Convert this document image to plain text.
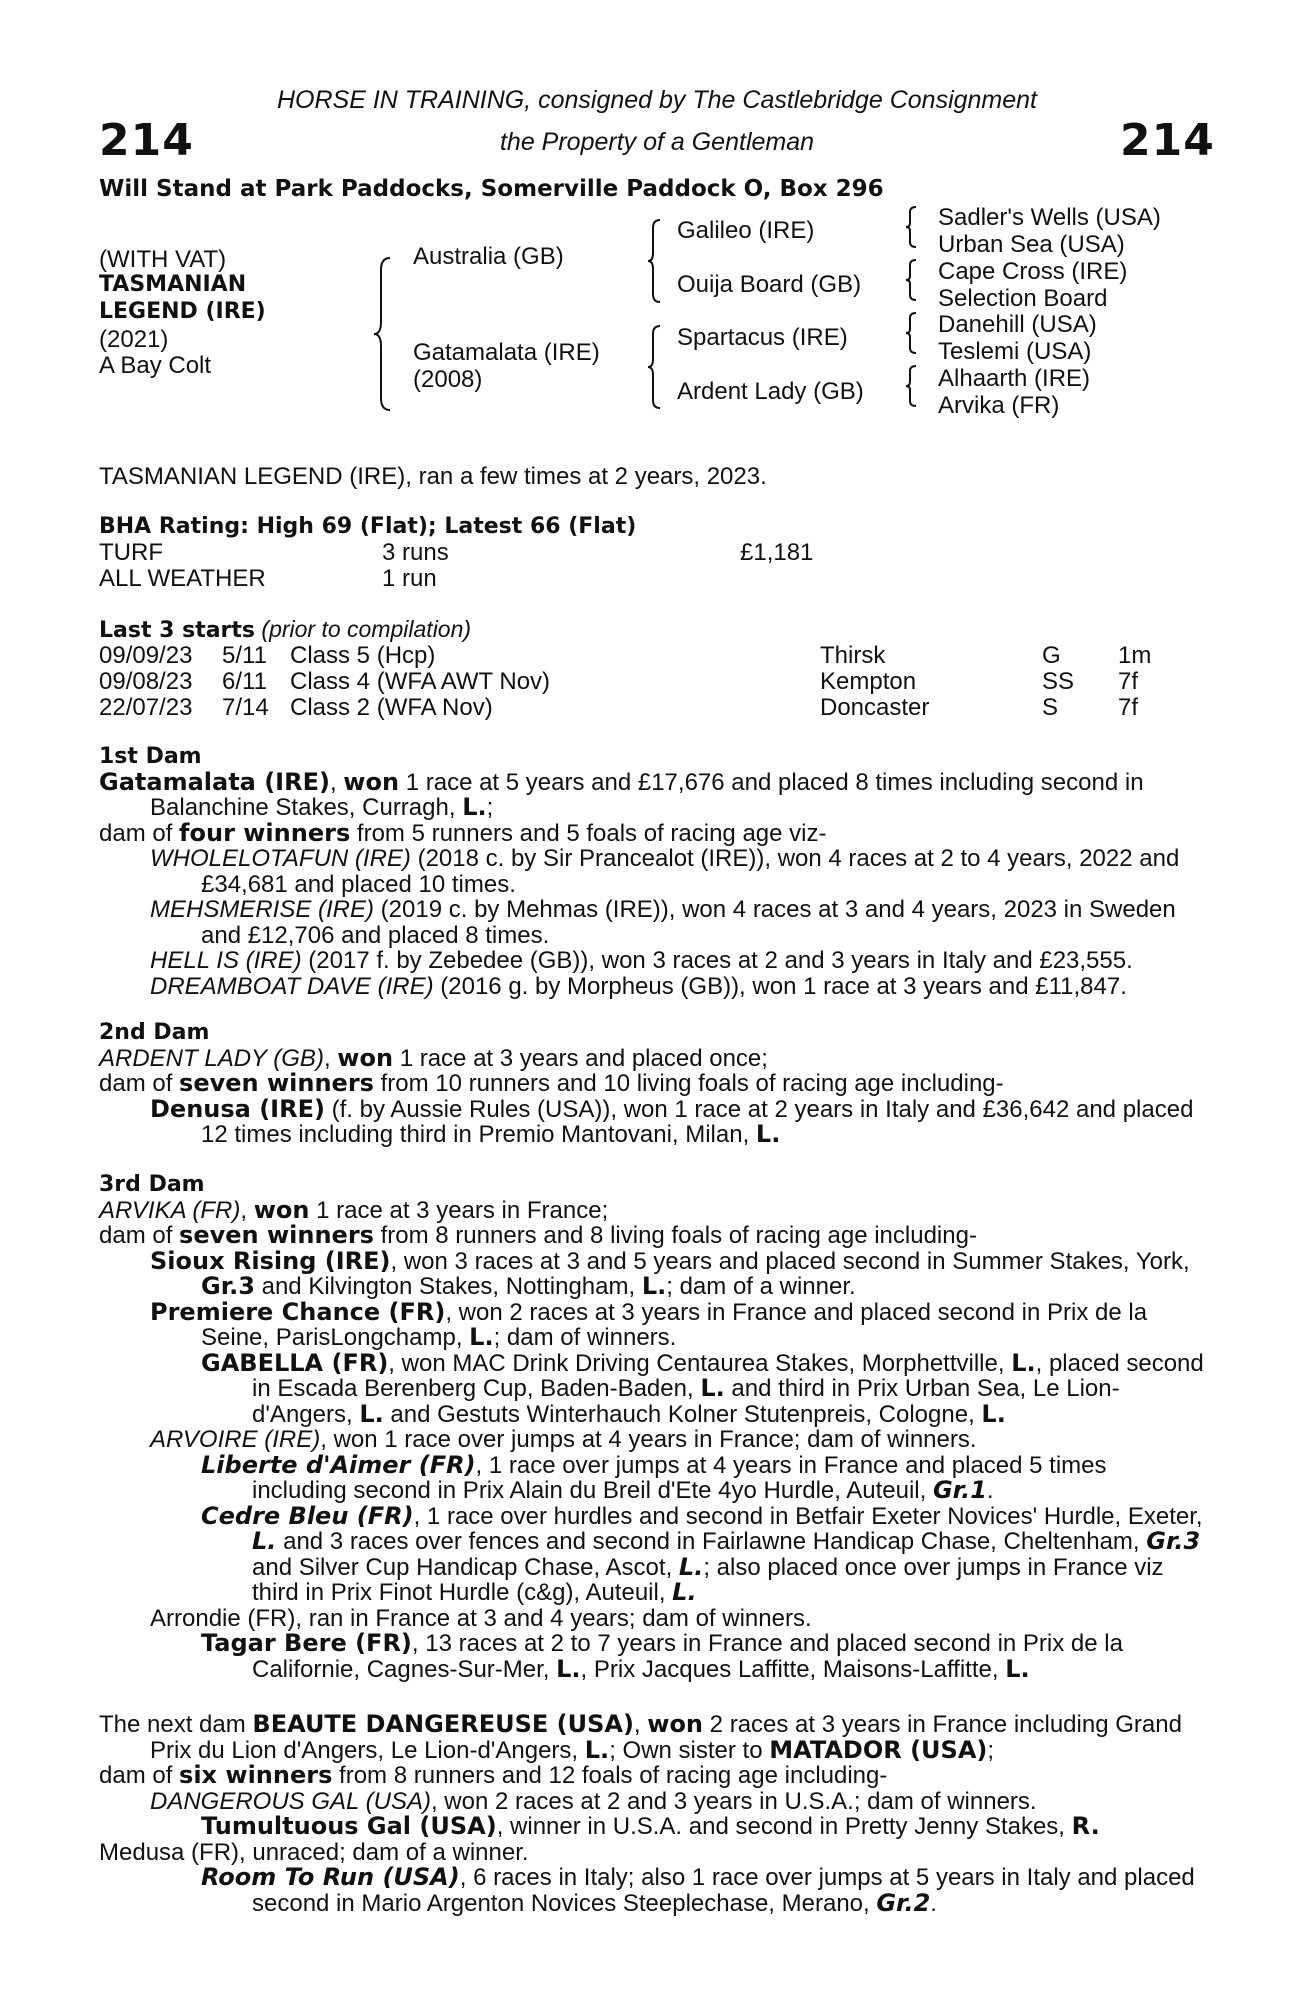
HORSE IN TRAINING, consigned by The Castlebridge Consignment
the Property of a Gentleman
214	214
Will Stand at Park Paddocks, Somerville Paddock O, Box 296
(WITH VAT)
TASMANIAN
LEGEND (IRE)
(2021)
A Bay Colt
Australia (GB)
Gatamalata (IRE)
(2008)
Galileo (IRE)
Ouija Board (GB)
Spartacus (IRE)
Ardent Lady (GB)
Sadler's Wells (USA)
Urban Sea (USA)
Cape Cross (IRE)
Selection Board
Danehill (USA)
Teslemi (USA)
Alhaarth (IRE)
Arvika (FR)
TASMANIAN LEGEND (IRE), ran a few times at 2 years, 2023.
BHA Rating: High 69 (Flat); Latest 66 (Flat)
TURF	3 runs	£1,181
ALL WEATHER	1 run
Last 3 starts (prior to compilation)
09/09/23 5/11 Class 5 (Hcp)	Thirsk	G 1m
09/08/23 6/11 Class 4 (WFA AWT Nov)	Kempton	SS 7f
22/07/23 7/14 Class 2 (WFA Nov)	Doncaster	S 7f

1st Dam

Gatamalata (IRE), won 1 race at 5 years and £17,676 and placed 8 times including second in Balanchine Stakes, Curragh, L.;

dam of four winners from 5 runners and 5 foals of racing age viz-

WHOLELOTAFUN (IRE) (2018 c. by Sir Prancealot (IRE)), won 4 races at 2 to 4 years, 2022 and £34,681 and placed 10 times.

MEHSMERISE (IRE) (2019 c. by Mehmas (IRE)), won 4 races at 3 and 4 years, 2023 in Sweden and £12,706 and placed 8 times.

HELL IS (IRE) (2017 f. by Zebedee (GB)), won 3 races at 2 and 3 years in Italy and £23,555.

DREAMBOAT DAVE (IRE) (2016 g. by Morpheus (GB)), won 1 race at 3 years and £11,847.

2nd Dam

ARDENT LADY (GB), won 1 race at 3 years and placed once;

dam of seven winners from 10 runners and 10 living foals of racing age including-

Denusa (IRE) (f. by Aussie Rules (USA)), won 1 race at 2 years in Italy and £36,642 and placed 12 times including third in Premio Mantovani, Milan, L.

3rd Dam

ARVIKA (FR), won 1 race at 3 years in France;

dam of seven winners from 8 runners and 8 living foals of racing age including-

Sioux Rising (IRE), won 3 races at 3 and 5 years and placed second in Summer Stakes, York, Gr.3 and Kilvington Stakes, Nottingham, L.; dam of a winner.

Premiere Chance (FR), won 2 races at 3 years in France and placed second in Prix de la Seine, ParisLongchamp, L.; dam of winners.

GABELLA (FR), won MAC Drink Driving Centaurea Stakes, Morphettville, L., placed second in Escada Berenberg Cup, Baden-Baden, L. and third in Prix Urban Sea, Le Lion-d'Angers, L. and Gestuts Winterhauch Kolner Stutenpreis, Cologne, L.

ARVOIRE (IRE), won 1 race over jumps at 4 years in France; dam of winners.

Liberte d'Aimer (FR), 1 race over jumps at 4 years in France and placed 5 times including second in Prix Alain du Breil d'Ete 4yo Hurdle, Auteuil, Gr.1.

Cedre Bleu (FR), 1 race over hurdles and second in Betfair Exeter Novices' Hurdle, Exeter, L. and 3 races over fences and second in Fairlawne Handicap Chase, Cheltenham, Gr.3 and Silver Cup Handicap Chase, Ascot, L.; also placed once over jumps in France viz third in Prix Finot Hurdle (c&g), Auteuil, L.

Arrondie (FR), ran in France at 3 and 4 years; dam of winners.

Tagar Bere (FR), 13 races at 2 to 7 years in France and placed second in Prix de la Californie, Cagnes-Sur-Mer, L., Prix Jacques Laffitte, Maisons-Laffitte, L.

The next dam BEAUTE DANGEREUSE (USA), won 2 races at 3 years in France including Grand Prix du Lion d'Angers, Le Lion-d'Angers, L.; Own sister to MATADOR (USA);

dam of six winners from 8 runners and 12 foals of racing age including-

DANGEROUS GAL (USA), won 2 races at 2 and 3 years in U.S.A.; dam of winners.

Tumultuous Gal (USA), winner in U.S.A. and second in Pretty Jenny Stakes, R.

Medusa (FR), unraced; dam of a winner.

Room To Run (USA), 6 races in Italy; also 1 race over jumps at 5 years in Italy and placed second in Mario Argenton Novices Steeplechase, Merano, Gr.2.
